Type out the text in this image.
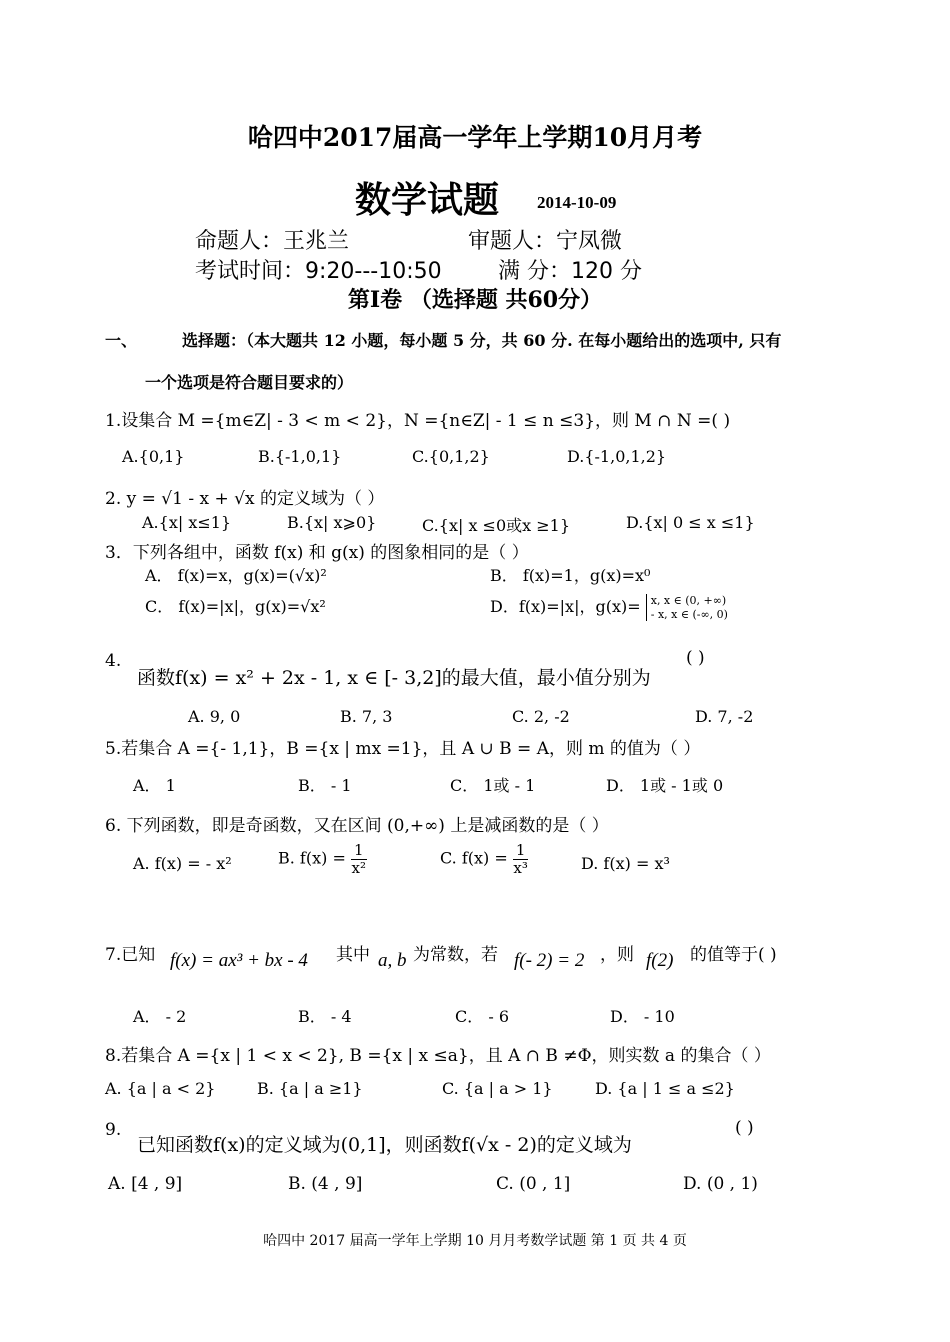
哈四中2017届高一学年上学期10月月考
数学试题 2014-10-09
命题人：王兆兰	审题人：宁凤微
考试时间：9:20---10:50	满 分：120 分
第Ⅰ卷 （选择题 共60分）
一、	选择题：（本大题共 12 小题，每小题 5 分，共 60 分. 在每小题给出的选项中, 只有
一个选项是符合题目要求的）
1.设集合 M ={m∈Z| - 3 < m < 2}，N ={n∈Z| - 1 ≤ n ≤3}，则 M ∩ N =( )
A.{0,1}	B.{-1,0,1}	C.{0,1,2}	D.{-1,0,1,2}
2. y = √1 - x + √x 的定义域为（ ）
A.{x| x≤1}	B.{x| x⩾0}	C.{x| x ≤0或x ≥1}	D.{x| 0 ≤ x ≤1}
3．下列各组中，函数 f(x) 和 g(x) 的图象相同的是（ ）
A． f(x)=x，g(x)=(√x)²	B． f(x)=1，g(x)=x⁰
C． f(x)=|x|，g(x)=√x²	D．f(x)=|x|，g(x)= x, x ∈ (0, +∞)
- x, x ∈ (-∞, 0)
4.
函数f(x) = x² + 2x - 1, x ∈ [- 3,2]的最大值，最小值分别为
( )
A. 9, 0	B. 7, 3	C. 2, -2	D. 7, -2
5.若集合 A ={- 1,1}，B ={x | mx =1}，且 A ∪ B = A，则 m 的值为（ ）
A． 1	B． - 1	C． 1或 - 1	D． 1或 - 1或 0
6. 下列函数，即是奇函数，又在区间 (0,+∞) 上是减函数的是（ ）
A. f(x) = - x²	B. $f(x) = \frac{1}{\text{x²}}$	C. $f(x) = \frac{1}{\text{x³}}$	D. f(x) = x³
7.已知 f(x) = ax³ + bx - 4 其中 a, b 为常数，若 f(- 2) = 2 ，则 f(2) 的值等于( )
A． - 2	B． - 4	C． - 6	D． - 10
8.若集合 A ={x | 1 < x < 2}, B ={x | x ≤a}，且 A ∩ B ≠Φ，则实数 a 的集合（ ）
A. {a | a < 2}	B. {a | a ≥1}	C. {a | a > 1}	D. {a | 1 ≤ a ≤2}
9.
已知函数f(x)的定义域为(0,1]，则函数f(√x - 2)的定义域为
( )
A. [4 , 9]	B. (4 , 9]	C. (0 , 1]	D. (0 , 1)
哈四中 2017 届高一学年上学期 10 月月考数学试题 第 1 页 共 4 页
